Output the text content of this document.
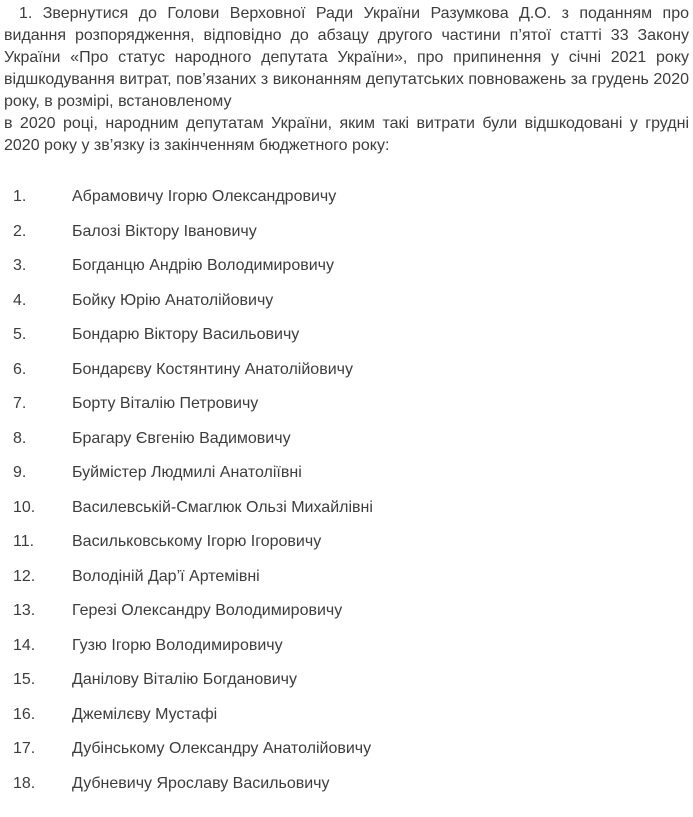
1. Звернутися до Голови Верховної Ради України Разумкова Д.О. з поданням про видання розпорядження, відповідно до абзацу другого частини п’ятої статті 33 Закону України «Про статус народного депутата України», про припинення у січні 2021 року відшкодування витрат, пов’язаних з виконанням депутатських повноважень за грудень 2020 року, в розмірі, встановленому
в 2020 році, народним депутатам України, яким такі витрати були відшкодовані у грудні 2020 року у зв’язку із закінченням бюджетного року:

1.	Абрамовичу Ігорю Олександровичу
2.	Балозі Віктору Івановичу
3.	Богданцю Андрію Володимировичу
4.	Бойку Юрію Анатолійовичу
5.	Бондарю Віктору Васильовичу
6.	Бондарєву Костянтину Анатолійовичу
7.	Борту Віталію Петровичу
8.	Брагару Євгенію Вадимовичу
9.	Буймістер Людмилі Анатоліївні
10. Василевській-Смаглюк Ользі Михайлівні
11. Васильковському Ігорю Ігоровичу
12. Володіній Дар’ї Артемівні
13. Герезі Олександру Володимировичу
14. Гузю Ігорю Володимировичу
15. Данілову Віталію Богдановичу
16. Джемілєву Мустафі
17. Дубінському Олександру Анатолійовичу
18. Дубневичу Ярославу Васильовичу
